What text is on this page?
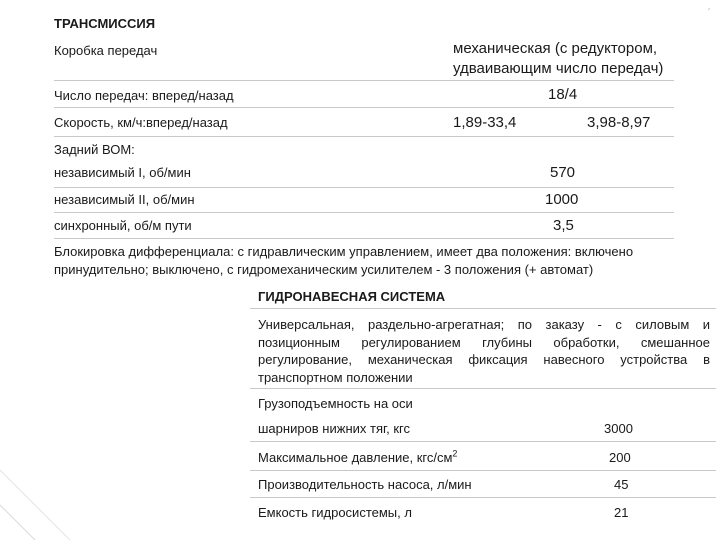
ТРАНСМИССИЯ
Коробка передач	механическая (с редуктором,
удваивающим число передач)
Число передач: вперед/назад	18/4
Скорость, км/ч:вперед/назад	1,89-33,4	3,98-8,97
Задний ВОМ:
независимый I, об/мин	570
независимый II, об/мин	1000
синхронный, об/м пути	3,5
Блокировка дифференциала: с гидравлическим управлением, имеет два положения: включено
принудительно; выключено, с гидромеханическим усилителем - 3 положения (+ автомат)
ГИДРОНАВЕСНАЯ СИСТЕМА
Универсальная, раздельно-агрегатная; по заказу - с силовым и позиционным регулированием глубины обработки, смешанное регулирование, механическая фиксация навесного устройства в транспортном положении
Грузоподъемность на оси
шарниров нижних тяг, кгс	3000
Максимальное давление, кгс/$см^2$	200
Производительность насоса, л/мин	45
Емкость гидросистемы, л	21
